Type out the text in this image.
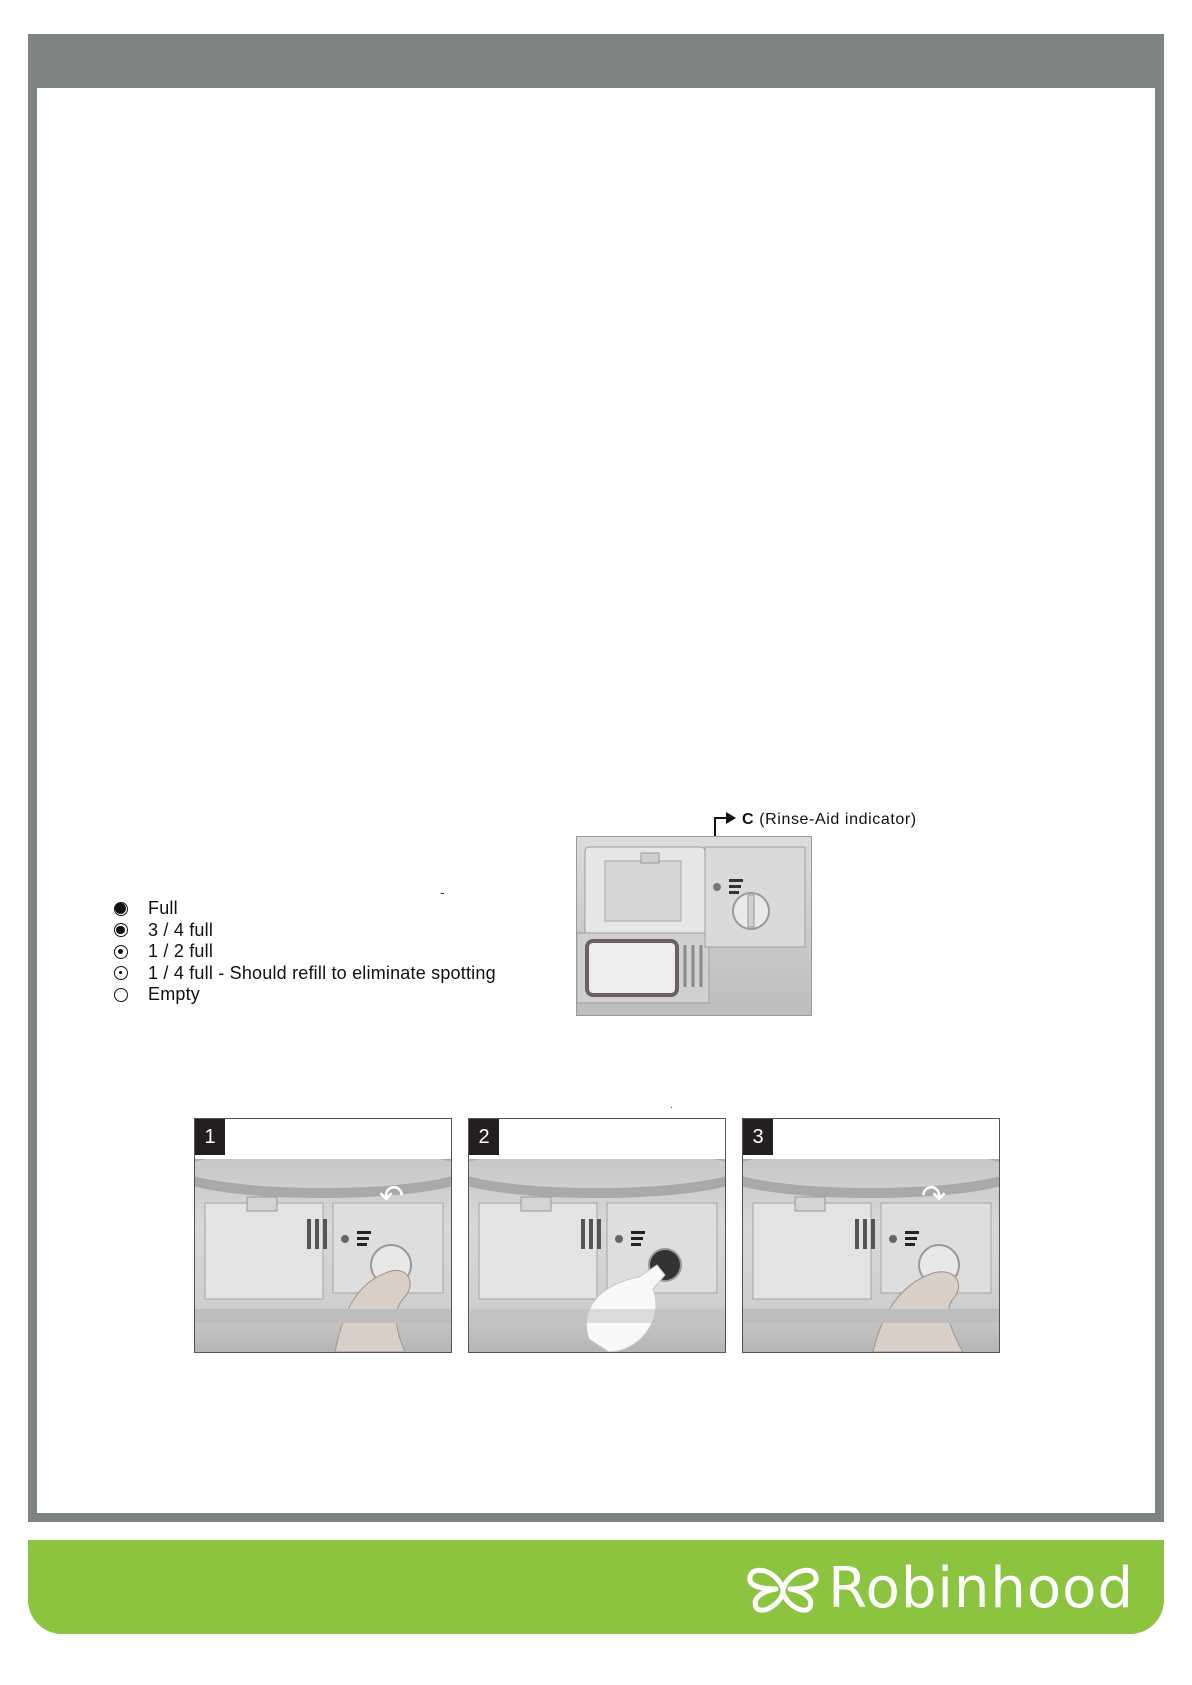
-
.
Full
3 / 4 full
1 / 2 full
1 / 4 full - Should refill to eliminate spotting
Empty
C (Rinse-Aid indicator)
1
↶
2	3
↷
Robinhood
